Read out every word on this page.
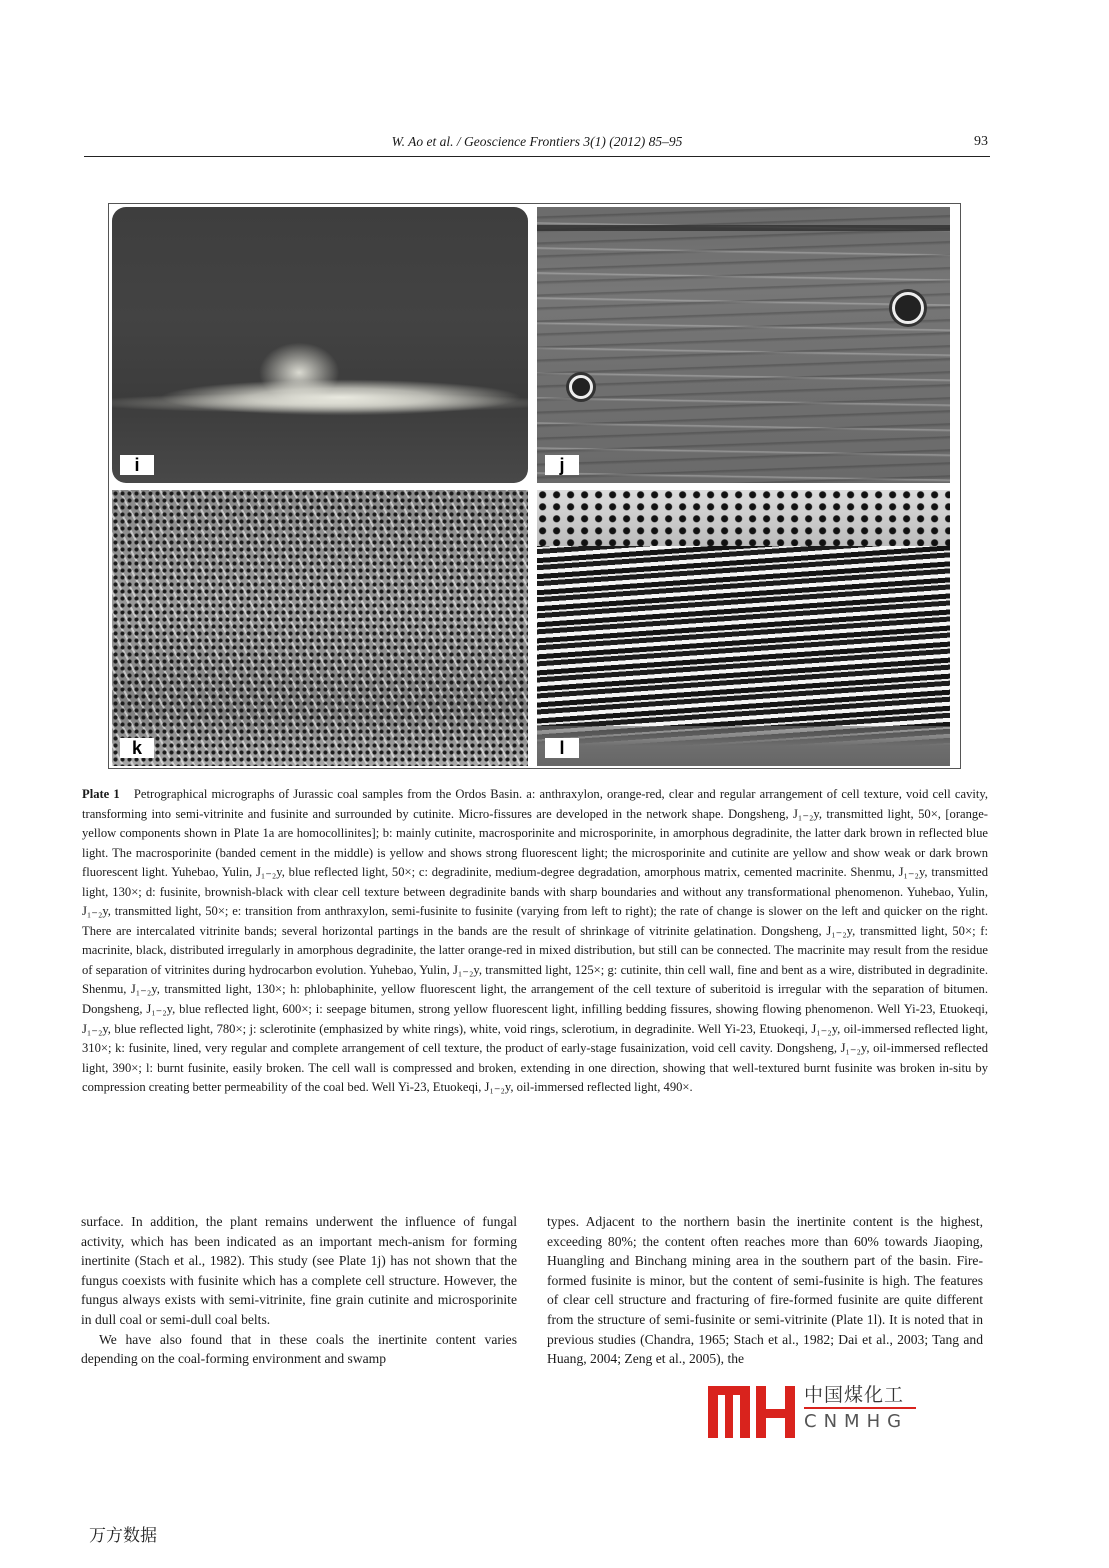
W. Ao et al. / Geoscience Frontiers 3(1) (2012) 85–95	93
i	j
k	l
Plate 1 Petrographical micrographs of Jurassic coal samples from the Ordos Basin. a: anthraxylon, orange-red, clear and regular arrangement of cell texture, void cell cavity, transforming into semi-vitrinite and fusinite and surrounded by cutinite. Micro-fissures are developed in the network shape. Dongsheng, J₁₋₂y, transmitted light, 50×, [orange-yellow components shown in Plate 1a are homocollinites]; b: mainly cutinite, macrosporinite and microsporinite, in amorphous degradinite, the latter dark brown in reflected blue light. The macrosporinite (banded cement in the middle) is yellow and shows strong fluorescent light; the microsporinite and cutinite are yellow and show weak or dark brown fluorescent light. Yuhebao, Yulin, J₁₋₂y, blue reflected light, 50×; c: degradinite, medium-degree degradation, amorphous matrix, cemented macrinite. Shenmu, J₁₋₂y, transmitted light, 130×; d: fusinite, brownish-black with clear cell texture between degradinite bands with sharp boundaries and without any transformational phenomenon. Yuhebao, Yulin, J₁₋₂y, transmitted light, 50×; e: transition from anthraxylon, semi-fusinite to fusinite (varying from left to right); the rate of change is slower on the left and quicker on the right. There are intercalated vitrinite bands; several horizontal partings in the bands are the result of shrinkage of vitrinite gelatination. Dongsheng, J₁₋₂y, transmitted light, 50×; f: macrinite, black, distributed irregularly in amorphous degradinite, the latter orange-red in mixed distribution, but still can be connected. The macrinite may result from the residue of separation of vitrinites during hydrocarbon evolution. Yuhebao, Yulin, J₁₋₂y, transmitted light, 125×; g: cutinite, thin cell wall, fine and bent as a wire, distributed in degradinite. Shenmu, J₁₋₂y, transmitted light, 130×; h: phlobaphinite, yellow fluorescent light, the arrangement of the cell texture of suberitoid is irregular with the separation of bitumen. Dongsheng, J₁₋₂y, blue reflected light, 600×; i: seepage bitumen, strong yellow fluorescent light, infilling bedding fissures, showing flowing phenomenon. Well Yi-23, Etuokeqi, J₁₋₂y, blue reflected light, 780×; j: sclerotinite (emphasized by white rings), white, void rings, sclerotium, in degradinite. Well Yi-23, Etuokeqi, J₁₋₂y, oil-immersed reflected light, 310×; k: fusinite, lined, very regular and complete arrangement of cell texture, the product of early-stage fusainization, void cell cavity. Dongsheng, J₁₋₂y, oil-immersed reflected light, 390×; l: burnt fusinite, easily broken. The cell wall is compressed and broken, extending in one direction, showing that well-textured burnt fusinite was broken in-situ by compression creating better permeability of the coal bed. Well Yi-23, Etuokeqi, J₁₋₂y, oil-immersed reflected light, 490×.

surface. In addition, the plant remains underwent the influence of fungal activity, which has been indicated as an important mech-anism for forming inertinite (Stach et al., 1982). This study (see Plate 1j) has not shown that the fungus coexists with fusinite which has a complete cell structure. However, the fungus always exists with semi-vitrinite, fine grain cutinite and microsporinite in dull coal or semi-dull coal belts.

We have also found that in these coals the inertinite content varies depending on the coal-forming environment and swamp

types. Adjacent to the northern basin the inertinite content is the highest, exceeding 80%; the content often reaches more than 60% towards Jiaoping, Huangling and Binchang mining area in the southern part of the basin. Fire-formed fusinite is minor, but the content of semi-fusinite is high. The features of clear cell structure and fracturing of fire-formed fusinite are quite different from the structure of semi-fusinite or semi-vitrinite (Plate 1l). It is noted that in previous studies (Chandra, 1965; Stach et al., 1982; Dai et al., 2003; Tang and Huang, 2004; Zeng et al., 2005), the

中国煤化工
CNMHG
万方数据
